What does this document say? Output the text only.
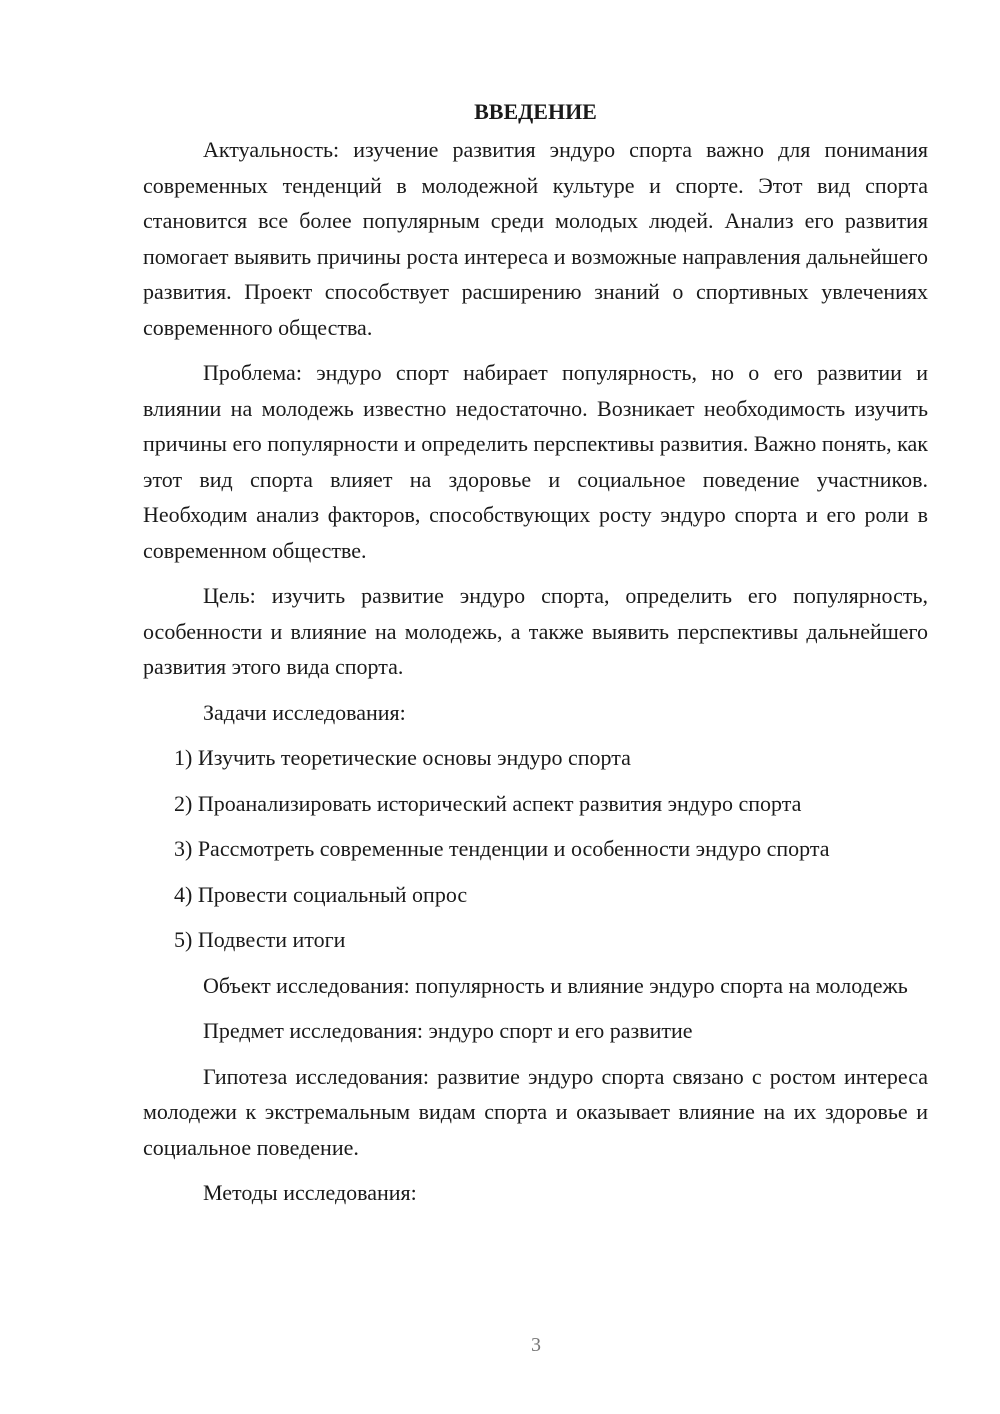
ВВЕДЕНИЕ

Актуальность: изучение развития эндуро спорта важно для понимания современных тенденций в молодежной культуре и спорте. Этот вид спорта становится все более популярным среди молодых людей. Анализ его развития помогает выявить причины роста интереса и возможные направления дальнейшего развития. Проект способствует расширению знаний о спортивных увлечениях современного общества.

Проблема: эндуро спорт набирает популярность, но о его развитии и влиянии на молодежь известно недостаточно. Возникает необходимость изучить причины его популярности и определить перспективы развития. Важно понять, как этот вид спорта влияет на здоровье и социальное поведение участников. Необходим анализ факторов, способствующих росту эндуро спорта и его роли в современном обществе.

Цель: изучить развитие эндуро спорта, определить его популярность, особенности и влияние на молодежь, а также выявить перспективы дальнейшего развития этого вида спорта.

Задачи исследования:

1) Изучить теоретические основы эндуро спорта

2) Проанализировать исторический аспект развития эндуро спорта

3) Рассмотреть современные тенденции и особенности эндуро спорта

4) Провести социальный опрос

5) Подвести итоги

Объект исследования: популярность и влияние эндуро спорта на молодежь

Предмет исследования: эндуро спорт и его развитие

Гипотеза исследования: развитие эндуро спорта связано с ростом интереса молодежи к экстремальным видам спорта и оказывает влияние на их здоровье и социальное поведение.

Методы исследования:

3
